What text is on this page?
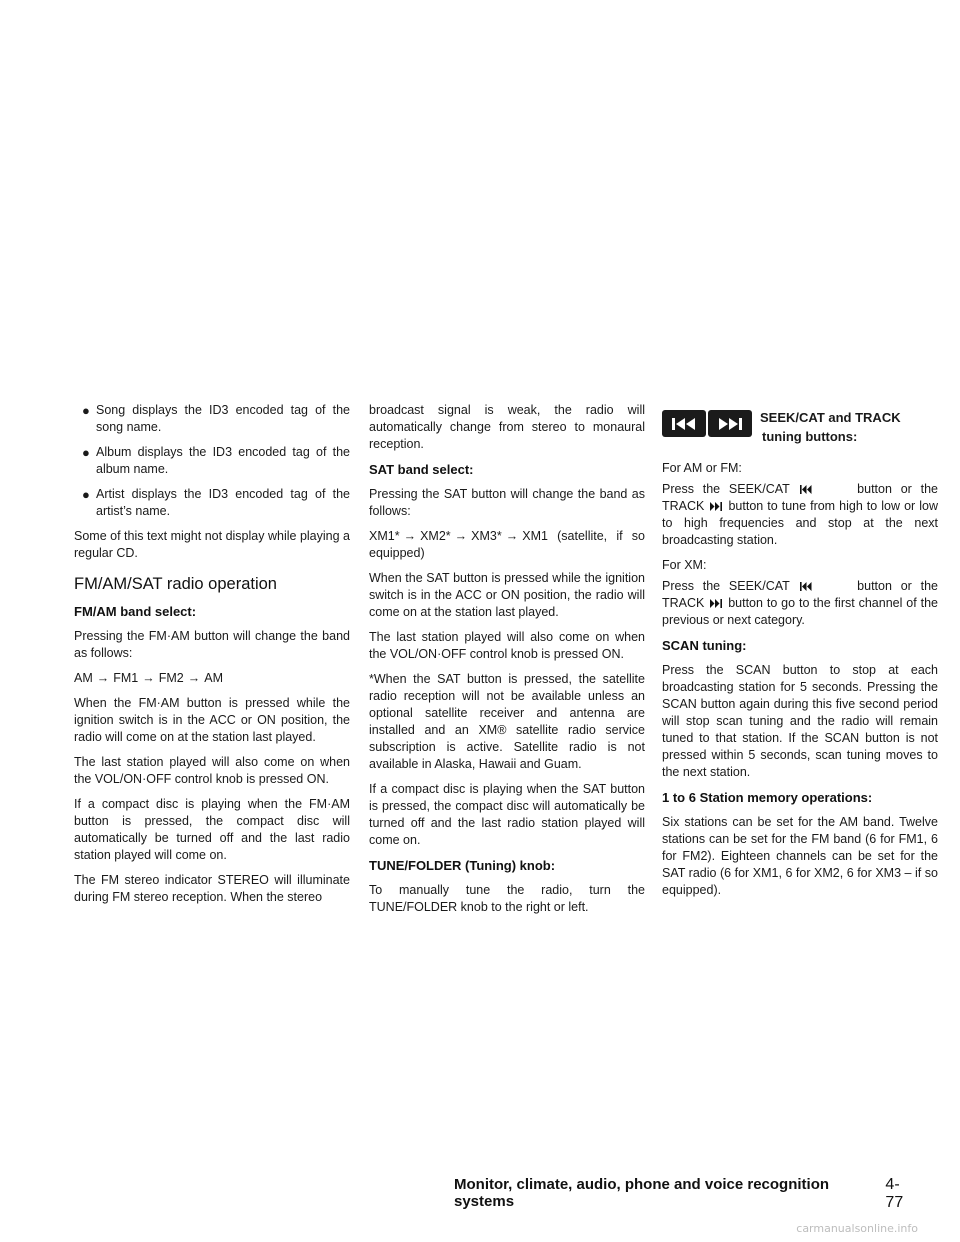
● Song displays the ID3 encoded tag of the song name.
● Album displays the ID3 encoded tag of the album name.
● Artist displays the ID3 encoded tag of the artist’s name.

Some of this text might not display while playing a regular CD.

FM/AM/SAT radio operation
FM/AM band select:

Pressing the FM·AM button will change the band as follows:

AM → FM1 → FM2 → AM

When the FM·AM button is pressed while the ignition switch is in the ACC or ON position, the radio will come on at the station last played.

The last station played will also come on when the VOL/ON·OFF control knob is pressed ON.

If a compact disc is playing when the FM·AM button is pressed, the compact disc will automatically be turned off and the last radio station played will come on.

The FM stereo indicator STEREO will illuminate during FM stereo reception. When the stereo

broadcast signal is weak, the radio will automatically change from stereo to monaural reception.

SAT band select:

Pressing the SAT button will change the band as follows:

XM1* → XM2* → XM3* → XM1 (satellite, if so equipped)

When the SAT button is pressed while the ignition switch is in the ACC or ON position, the radio will come on at the station last played.

The last station played will also come on when the VOL/ON·OFF control knob is pressed ON.

*When the SAT button is pressed, the satellite radio reception will not be available unless an optional satellite receiver and antenna are installed and an XM® satellite radio service subscription is active. Satellite radio is not available in Alaska, Hawaii and Guam.

If a compact disc is playing when the SAT button is pressed, the compact disc will automatically be turned off and the last radio station played will come on.

TUNE/FOLDER (Tuning) knob:

To manually tune the radio, turn the TUNE/FOLDER knob to the right or left.

SEEK/CAT and TRACK
tuning buttons:

For AM or FM:

Press the SEEK/CAT	button or the TRACK button to tune from high to low or low to high frequencies and stop at the next broadcasting station.

For XM:

Press the SEEK/CAT	button or the TRACK button to go to the first channel of the previous or next category.

SCAN tuning:

Press the SCAN button to stop at each broadcasting station for 5 seconds. Pressing the SCAN button again during this five second period will stop scan tuning and the radio will remain tuned to that station. If the SCAN button is not pressed within 5 seconds, scan tuning moves to the next station.

1 to 6 Station memory operations:

Six stations can be set for the AM band. Twelve stations can be set for the FM band (6 for FM1, 6 for FM2). Eighteen channels can be set for the SAT radio (6 for XM1, 6 for XM2, 6 for XM3 – if so equipped).

Monitor, climate, audio, phone and voice recognition systems
4-77
carmanualsonline.info
